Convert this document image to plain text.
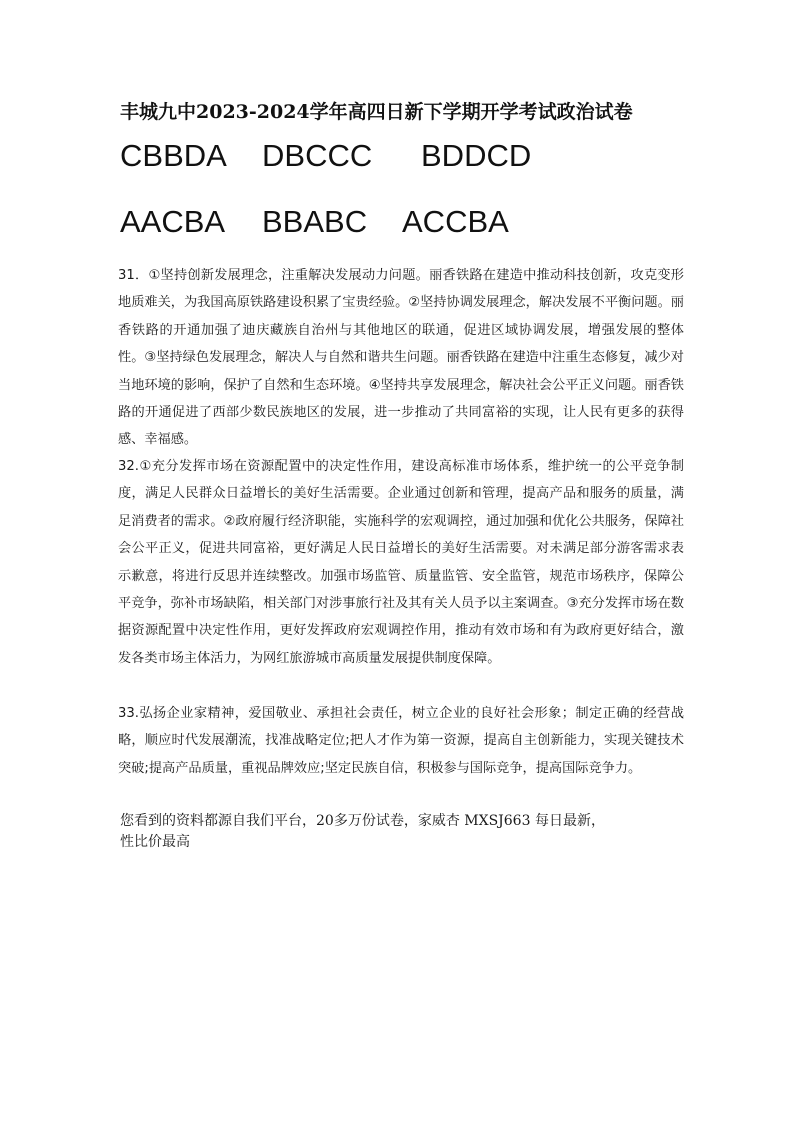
丰城九中2023-2024学年高四日新下学期开学考试政治试卷
CBBDA DBCCC BDDCD
AACBA BBABC ACCBA
31．①坚持创新发展理念，注重解决发展动力问题。丽香铁路在建造中推动科技创新，攻克变形地质难关，为我国高原铁路建设积累了宝贵经验。②坚持协调发展理念，解决发展不平衡问题。丽香铁路的开通加强了迪庆藏族自治州与其他地区的联通，促进区域协调发展，增强发展的整体性。③坚持绿色发展理念，解决人与自然和谐共生问题。丽香铁路在建造中注重生态修复，减少对当地环境的影响，保护了自然和生态环境。④坚持共享发展理念，解决社会公平正义问题。丽香铁路的开通促进了西部少数民族地区的发展，进一步推动了共同富裕的实现，让人民有更多的获得感、幸福感。
32.①充分发挥市场在资源配置中的决定性作用，建设高标准市场体系，维护统一的公平竞争制度，满足人民群众日益增长的美好生活需要。企业通过创新和管理，提高产品和服务的质量，满足消费者的需求。②政府履行经济职能，实施科学的宏观调控，通过加强和优化公共服务，保障社会公平正义，促进共同富裕，更好满足人民日益增长的美好生活需要。对未满足部分游客需求表示歉意，将进行反思并连续整改。加强市场监管、质量监管、安全监管，规范市场秩序，保障公平竞争，弥补市场缺陷，相关部门对涉事旅行社及其有关人员予以主案调查。③充分发挥市场在数据资源配置中决定性作用，更好发挥政府宏观调控作用，推动有效市场和有为政府更好结合，激发各类市场主体活力，为网红旅游城市高质量发展提供制度保障。
33.弘扬企业家精神，爱国敬业、承担社会责任，树立企业的良好社会形象；制定正确的经营战略，顺应时代发展潮流，找准战略定位;把人才作为第一资源，提高自主创新能力，实现关键技术突破;提高产品质量，重视品牌效应;坚定民族自信，积极参与国际竞争，提高国际竞争力。
您看到的资料都源自我们平台，20多万份试卷，家威杏 MXSJ663 每日最新，
性比价最高
